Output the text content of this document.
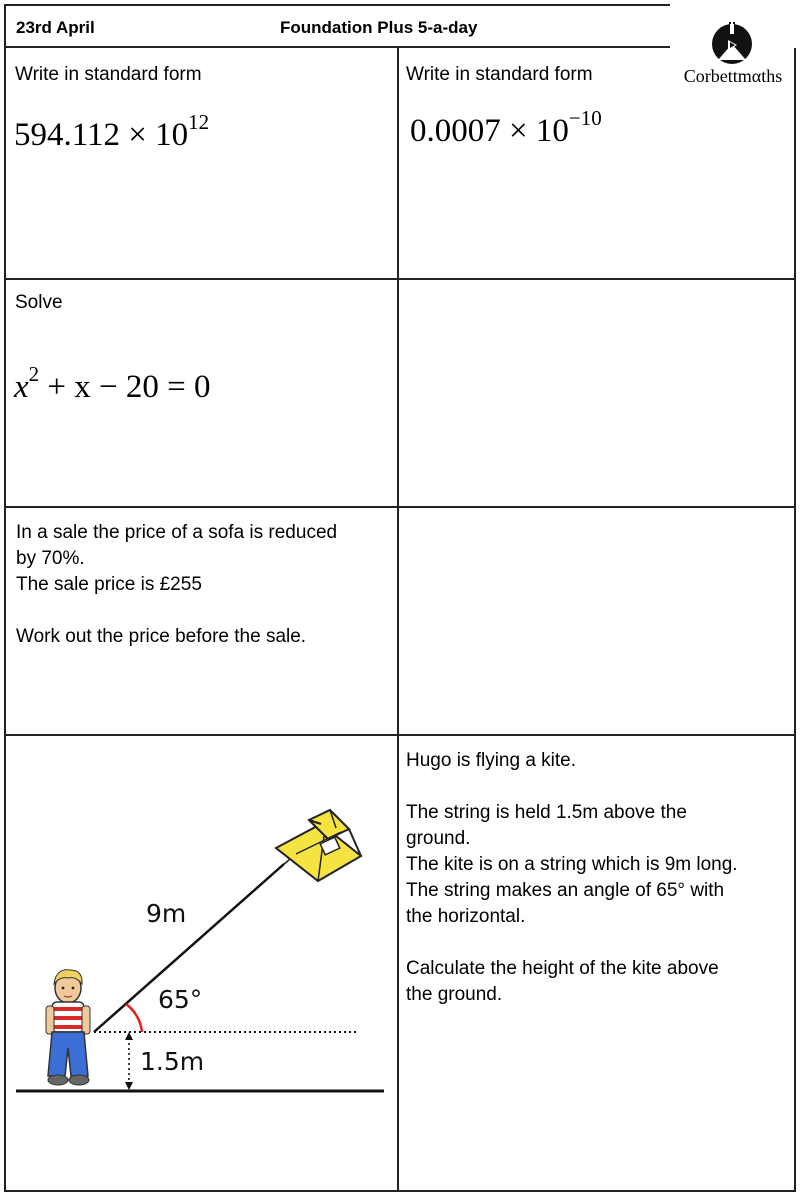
23rd April	Foundation Plus 5-a-day
Corbettmαths
Write in standard form
$594.112 \times 10^{12}$
Write in standard form
$0.0007 \times 10^{-10}$
Solve
$x^2 + x - 20 = 0$
In a sale the price of a sofa is reduced
by 70%.
The sale price is £255
Work out the price before the sale.
Hugo is flying a kite.
The string is held 1.5m above the
ground.
The kite is on a string which is 9m long.
The string makes an angle of 65° with
the horizontal.
Calculate the height of the kite above
the ground.
9m
65°
1.5m
